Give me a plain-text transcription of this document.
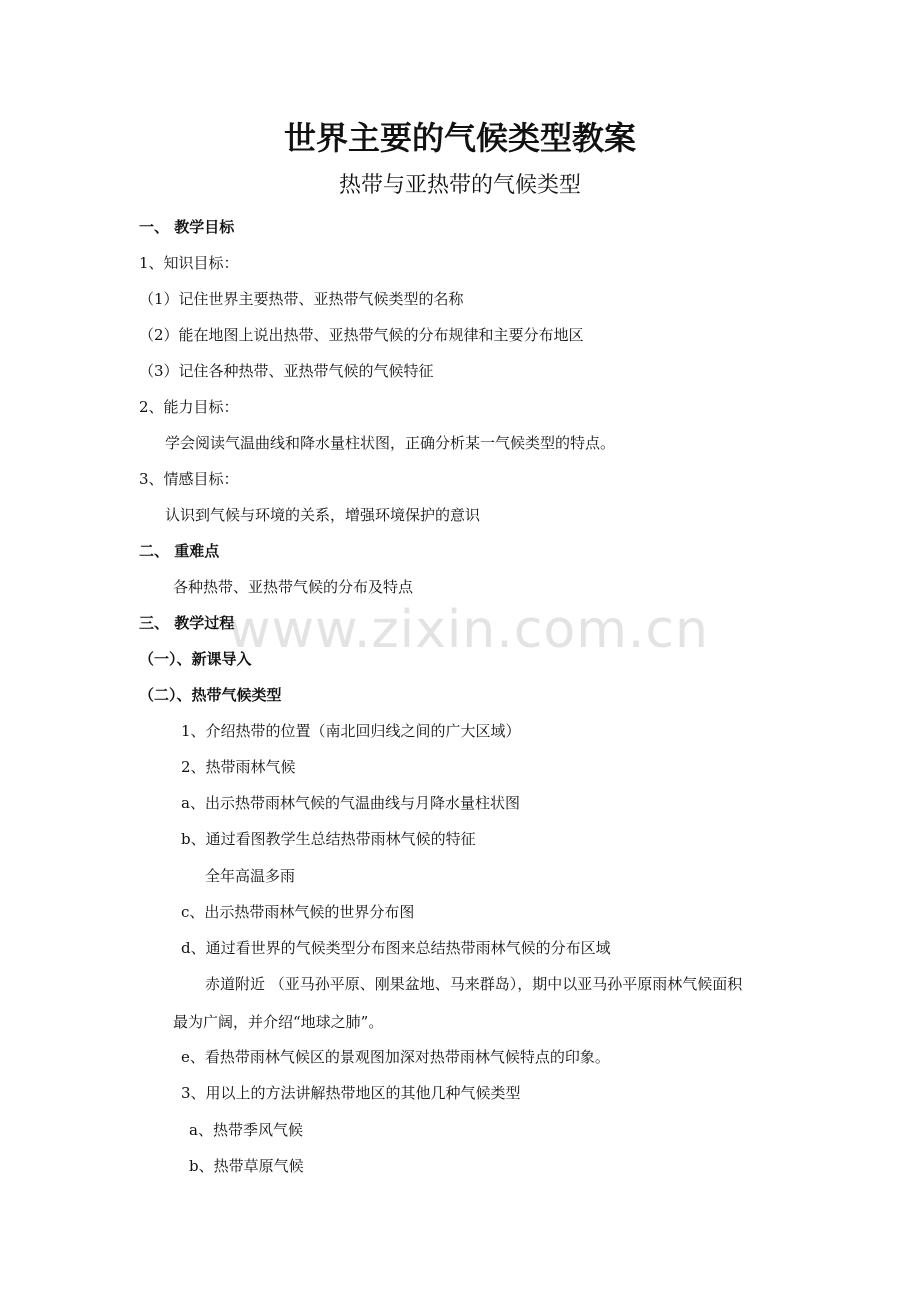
www.zixin.com.cn
世界主要的气候类型教案
热带与亚热带的气候类型
一、 教学目标
1、知识目标：
（1）记住世界主要热带、亚热带气候类型的名称
（2）能在地图上说出热带、亚热带气候的分布规律和主要分布地区
（3）记住各种热带、亚热带气候的气候特征
2、能力目标：
学会阅读气温曲线和降水量柱状图，正确分析某一气候类型的特点。
3、情感目标：
认识到气候与环境的关系，增强环境保护的意识
二、 重难点
各种热带、亚热带气候的分布及特点
三、 教学过程
（一）、新课导入
（二）、热带气候类型
1、介绍热带的位置（南北回归线之间的广大区域）
2、热带雨林气候
a、出示热带雨林气候的气温曲线与月降水量柱状图
b、通过看图教学生总结热带雨林气候的特征
全年高温多雨
c、出示热带雨林气候的世界分布图
d、通过看世界的气候类型分布图来总结热带雨林气候的分布区域
赤道附近 （亚马孙平原、刚果盆地、马来群岛），期中以亚马孙平原雨林气候面积
最为广阔，并介绍“地球之肺”。
e、看热带雨林气候区的景观图加深对热带雨林气候特点的印象。
3、用以上的方法讲解热带地区的其他几种气候类型
a、热带季风气候
b、热带草原气候
